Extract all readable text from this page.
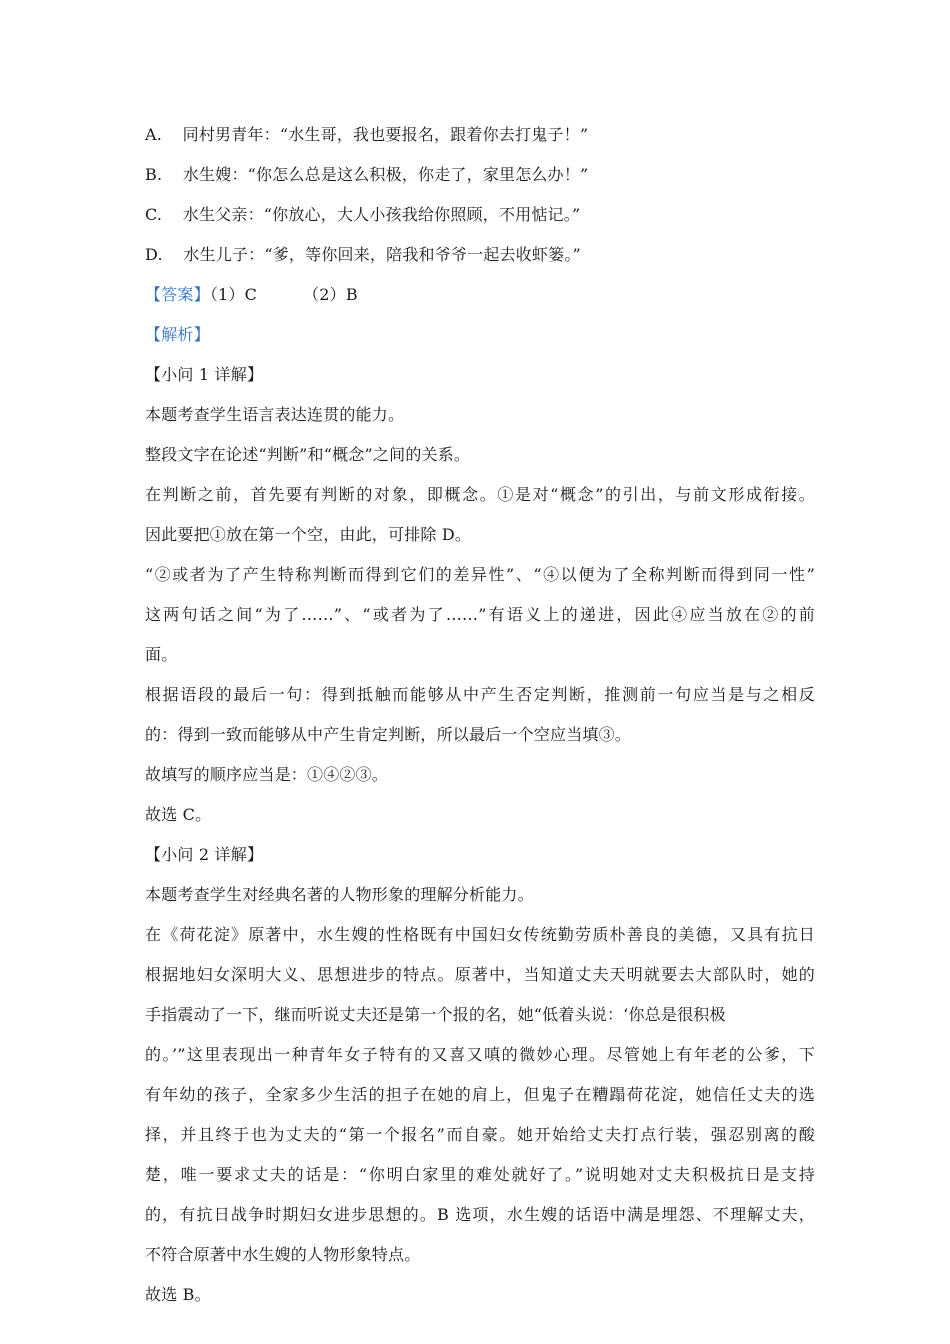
A. 同村男青年：“水生哥，我也要报名，跟着你去打鬼子！”
B. 水生嫂：“你怎么总是这么积极，你走了，家里怎么办！”
C. 水生父亲：“你放心，大人小孩我给你照顾，不用惦记。”
D. 水生儿子：“爹，等你回来，陪我和爷爷一起去收虾篓。”
【答案】（1）C	（2）B
【解析】
【小问 1 详解】
本题考查学生语言表达连贯的能力。
整段文字在论述“判断”和“概念”之间的关系。
在判断之前，首先要有判断的对象，即概念。①是对“概念”的引出，与前文形成衔接。
因此要把①放在第一个空，由此，可排除 D。
“②或者为了产生特称判断而得到它们的差异性”、“④以便为了全称判断而得到同一性”
这两句话之间“为了……”、“或者为了……”有语义上的递进，因此④应当放在②的前
面。
根据语段的最后一句：得到抵触而能够从中产生否定判断，推测前一句应当是与之相反
的：得到一致而能够从中产生肯定判断，所以最后一个空应当填③。
故填写的顺序应当是：①④②③。
故选 C。
【小问 2 详解】
本题考查学生对经典名著的人物形象的理解分析能力。
在《荷花淀》原著中，水生嫂的性格既有中国妇女传统勤劳质朴善良的美德，又具有抗日
根据地妇女深明大义、思想进步的特点。原著中，当知道丈夫天明就要去大部队时，她的
手指震动了一下，继而听说丈夫还是第一个报的名，她“低着头说：‘你总是很积极
的。’”这里表现出一种青年女子特有的又喜又嗔的微妙心理。尽管她上有年老的公爹，下
有年幼的孩子，全家多少生活的担子在她的肩上，但鬼子在糟蹋荷花淀，她信任丈夫的选
择，并且终于也为丈夫的“第一个报名”而自豪。她开始给丈夫打点行装，强忍别离的酸
楚，唯一要求丈夫的话是：“你明白家里的难处就好了。”说明她对丈夫积极抗日是支持
的，有抗日战争时期妇女进步思想的。B 选项，水生嫂的话语中满是埋怨、不理解丈夫，
不符合原著中水生嫂的人物形象特点。
故选 B。
